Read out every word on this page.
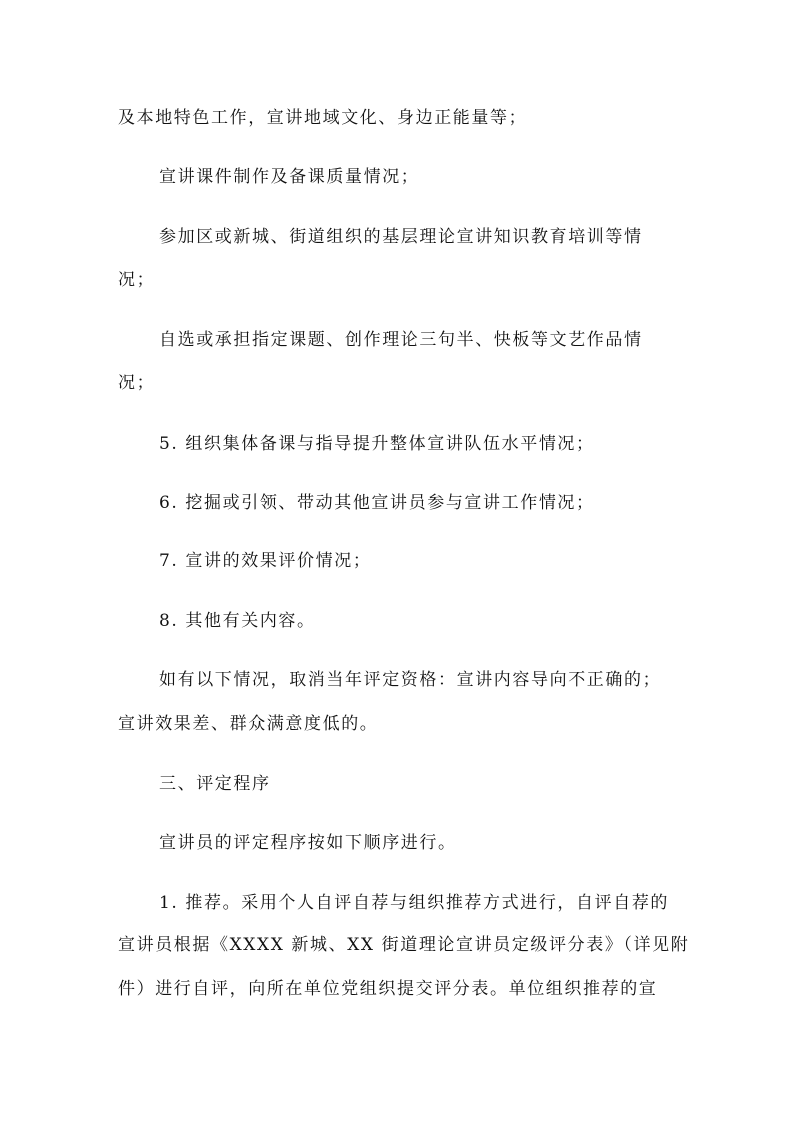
及本地特色工作，宣讲地域文化、身边正能量等；
宣讲课件制作及备课质量情况；
参加区或新城、街道组织的基层理论宣讲知识教育培训等情
况；
自选或承担指定课题、创作理论三句半、快板等文艺作品情
况；
5. 组织集体备课与指导提升整体宣讲队伍水平情况；
6. 挖掘或引领、带动其他宣讲员参与宣讲工作情况；
7. 宣讲的效果评价情况；
8. 其他有关内容。
如有以下情况，取消当年评定资格：宣讲内容导向不正确的；
宣讲效果差、群众满意度低的。
三、评定程序
宣讲员的评定程序按如下顺序进行。
1. 推荐。采用个人自评自荐与组织推荐方式进行，自评自荐的
宣讲员根据《XXXX 新城、XX 街道理论宣讲员定级评分表》（详见附
件）进行自评，向所在单位党组织提交评分表。单位组织推荐的宣
